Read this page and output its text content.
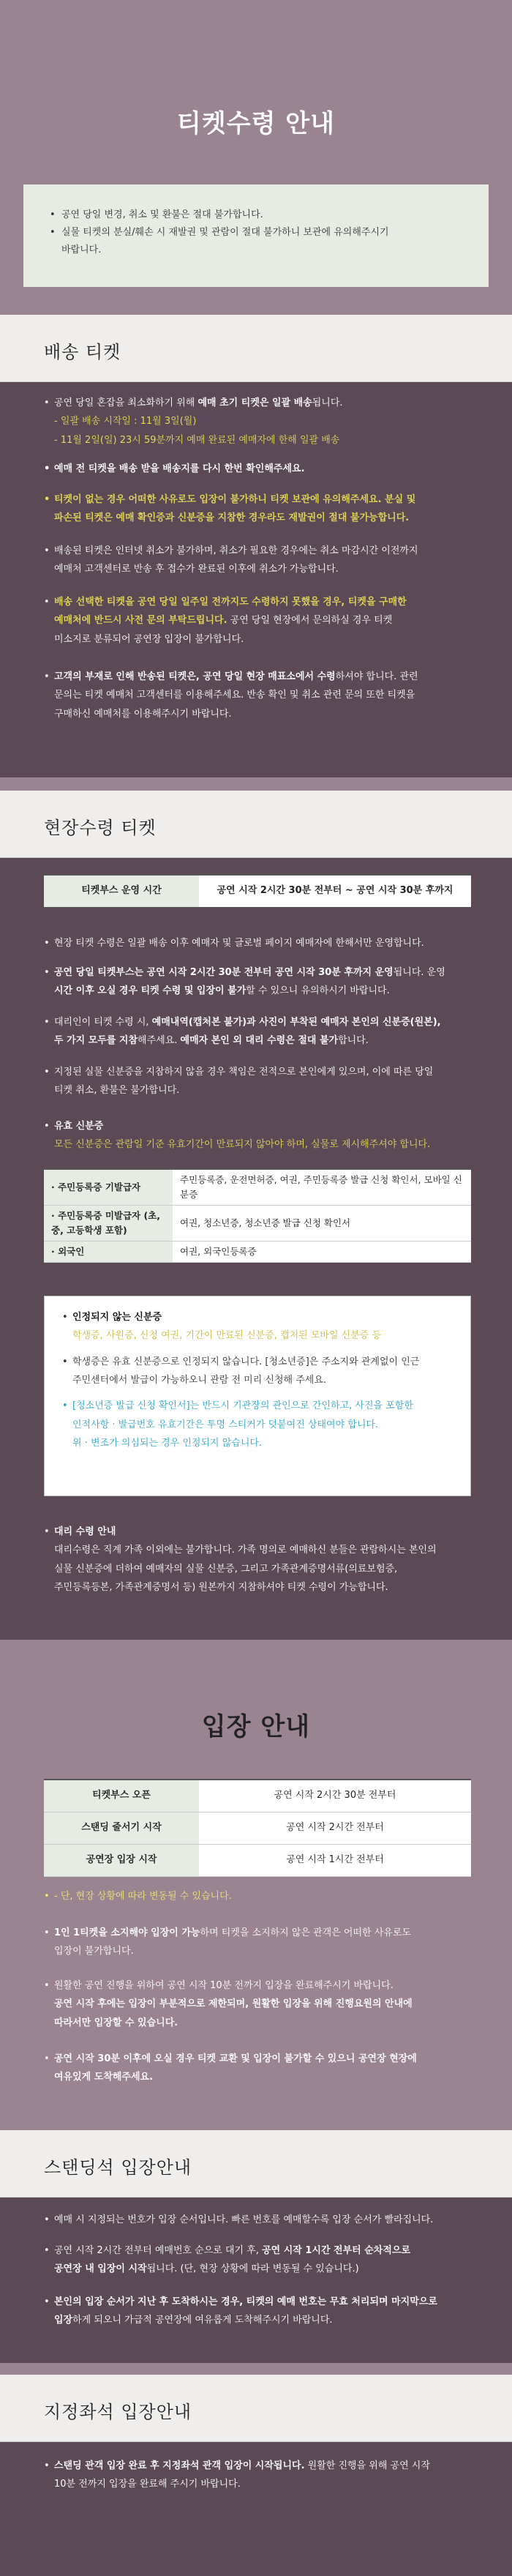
티켓수령 안내
• 공연 당일 변경, 취소 및 환불은 절대 불가합니다.
• 실물 티켓의 분실/훼손 시 재발권 및 관람이 절대 불가하니 보관에 유의해주시기
바랍니다.
배송 티켓
• 공연 당일 혼잡을 최소화하기 위해 예매 초기 티켓은 일괄 배송됩니다.
- 일괄 배송 시작일 : 11월 3일(월)
- 11월 2일(일) 23시 59분까지 예매 완료된 예매자에 한해 일괄 배송
• 예매 전 티켓을 배송 받을 배송지를 다시 한번 확인해주세요.
• 티켓이 없는 경우 어떠한 사유로도 입장이 불가하니 티켓 보관에 유의해주세요. 분실 및
파손된 티켓은 예매 확인증과 신분증을 지참한 경우라도 재발권이 절대 불가능합니다.
• 배송된 티켓은 인터넷 취소가 불가하며, 취소가 필요한 경우에는 취소 마감시간 이전까지
예매처 고객센터로 반송 후 접수가 완료된 이후에 취소가 가능합니다.
• 배송 선택한 티켓을 공연 당일 일주일 전까지도 수령하지 못했을 경우, 티켓을 구매한
예매처에 반드시 사전 문의 부탁드립니다. 공연 당일 현장에서 문의하실 경우 티켓
미소지로 분류되어 공연장 입장이 불가합니다.
• 고객의 부재로 인해 반송된 티켓은, 공연 당일 현장 매표소에서 수령하셔야 합니다. 관련
문의는 티켓 예매처 고객센터를 이용해주세요. 반송 확인 및 취소 관련 문의 또한 티켓을
구매하신 예매처를 이용해주시기 바랍니다.
현장수령 티켓
티켓부스 운영 시간	공연 시작 2시간 30분 전부터 ~ 공연 시작 30분 후까지
• 현장 티켓 수령은 일괄 배송 이후 예매자 및 글로벌 페이지 예매자에 한해서만 운영합니다.
• 공연 당일 티켓부스는 공연 시작 2시간 30분 전부터 공연 시작 30분 후까지 운영됩니다. 운영
시간 이후 오실 경우 티켓 수령 및 입장이 불가할 수 있으니 유의하시기 바랍니다.
• 대리인이 티켓 수령 시, 예매내역(캡처본 불가)과 사진이 부착된 예매자 본인의 신분증(원본),
두 가지 모두를 지참해주세요. 예매자 본인 외 대리 수령은 절대 불가합니다.
• 지정된 실물 신분증을 지참하지 않을 경우 책임은 전적으로 본인에게 있으며, 이에 따른 당일
티켓 취소, 환불은 불가합니다.
• 유효 신분증
모든 신분증은 관람일 기준 유효기간이 만료되지 않아야 하며, 실물로 제시해주셔야 합니다.
· 주민등록증 기발급자	주민등록증, 운전면허증, 여권, 주민등록증 발급 신청 확인서, 모바일 신분증
· 주민등록증 미발급자 (초, 중, 고등학생 포함)	여권, 청소년증, 청소년증 발급 신청 확인서
· 외국인	여권, 외국인등록증
• 인정되지 않는 신분증
학생증, 사원증, 신청 여권, 기간이 만료된 신분증, 캡처된 모바일 신분증 등
• 학생증은 유효 신분증으로 인정되지 않습니다. [청소년증]은 주소지와 관계없이 인근
주민센터에서 발급이 가능하오니 관람 전 미리 신청해 주세요.
• [청소년증 발급 신청 확인서]는 반드시 기관장의 관인으로 간인하고, 사진을 포함한
인적사항 · 발급번호 유효기간은 투명 스티커가 덧붙여진 상태여야 합니다.
위 · 변조가 의심되는 경우 인정되지 않습니다.
• 대리 수령 안내
대리수령은 직계 가족 이외에는 불가합니다. 가족 명의로 예매하신 분들은 관람하시는 본인의
실물 신분증에 더하여 예매자의 실물 신분증, 그리고 가족관계증명서류(의료보험증,
주민등록등본, 가족관계증명서 등) 원본까지 지참하셔야 티켓 수령이 가능합니다.
입장 안내
티켓부스 오픈	공연 시작 2시간 30분 전부터
스탠딩 줄서기 시작	공연 시작 2시간 전부터
공연장 입장 시작	공연 시작 1시간 전부터
• - 단, 현장 상황에 따라 변동될 수 있습니다.
• 1인 1티켓을 소지해야 입장이 가능하며 티켓을 소지하지 않은 관객은 어떠한 사유로도
입장이 불가합니다.
• 원활한 공연 진행을 위하여 공연 시작 10분 전까지 입장을 완료해주시기 바랍니다.
공연 시작 후에는 입장이 부분적으로 제한되며, 원활한 입장을 위해 진행요원의 안내에
따라서만 입장할 수 있습니다.
• 공연 시작 30분 이후에 오실 경우 티켓 교환 및 입장이 불가할 수 있으니 공연장 현장에
여유있게 도착해주세요.
스탠딩석 입장안내
• 예매 시 지정되는 번호가 입장 순서입니다. 빠른 번호를 예매할수록 입장 순서가 빨라집니다.
• 공연 시작 2시간 전부터 예매번호 순으로 대기 후, 공연 시작 1시간 전부터 순차적으로
공연장 내 입장이 시작됩니다. (단, 현장 상황에 따라 변동될 수 있습니다.)
• 본인의 입장 순서가 지난 후 도착하시는 경우, 티켓의 예매 번호는 무효 처리되며 마지막으로
입장하게 되오니 가급적 공연장에 여유롭게 도착해주시기 바랍니다.
지정좌석 입장안내
• 스탠딩 관객 입장 완료 후 지정좌석 관객 입장이 시작됩니다. 원활한 진행을 위해 공연 시작
10분 전까지 입장을 완료해 주시기 바랍니다.
